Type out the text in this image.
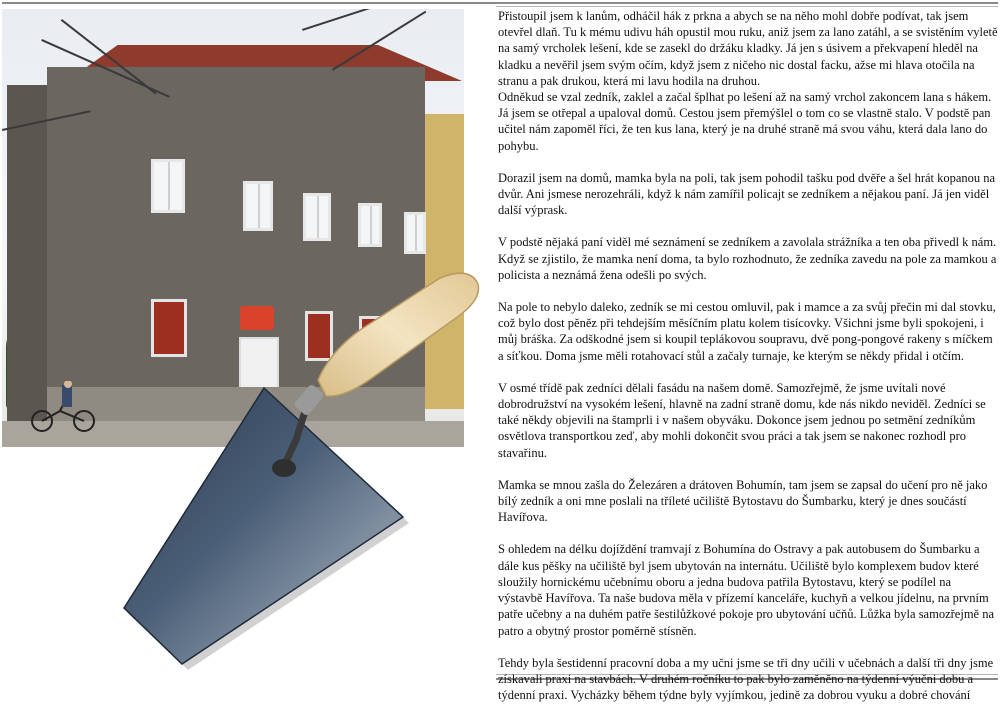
Přistoupil jsem k lanům, odháčil hák z prkna a abych se na něho mohl dobře podívat, tak jsem otevřel dlaň. Tu k mému udivu háh opustil mou ruku, aniž jsem za lano zatáhl, a se svistěním vyletě na samý vrcholek lešení, kde se zasekl do držáku kladky. Já jen s úsivem a překvapení hleděl na kladku a nevěřil jsem svým očím, když jsem z ničeho nic dostal facku, ažse mi hlava otočila na stranu a pak drukou, která mi lavu hodila na druhou.
Odněkud se vzal zedník, zaklel a začal šplhat po lešení až na samý vrchol zakoncem lana s hákem. Já jsem se otřepal a upaloval domů. Cestou jsem přemýšlel o tom co se vlastně stalo. V podstě pan učitel nám zapoměl říci, že ten kus lana, který je na druhé straně má svou váhu, která dala lano do pohybu.

Dorazil jsem na domů, mamka byla na poli, tak jsem pohodil tašku pod dvěře a šel hrát kopanou na dvůr. Ani jsmese nerozehráli, když k nám zamířil policajt se zedníkem a nějakou paní. Já jen viděl další výprask.

V podstě nějaká paní viděl mé seznámení se zedníkem a zavolala strážníka a ten oba přivedl k nám. Když se zjistilo, že mamka není doma, ta bylo rozhodnuto, že zedníka zavedu na pole za mamkou a policista a neznámá žena odešli po svých.

Na pole to nebylo daleko, zedník se mi cestou omluvil, pak i mamce a za svůj přečin mi dal stovku, což bylo dost pěněz při tehdejším měsíčním platu kolem tisícovky. Všichni jsme byli spokojeni, i můj bráška. Za odškodné jsem si koupil teplákovou soupravu, dvě pong-pongové rakeny s míčkem a síťkou. Doma jsme měli rotahovací stůl a začaly turnaje, ke kterým se někdy přidal i otčím.

V osmé třídě pak zedníci dělali fasádu na našem domě. Samozřejmě, že jsme uvítali nové dobrodružství na vysokém lešení, hlavně na zadní straně domu, kde nás nikdo neviděl. Zedníci se také někdy objevili na štamprli i v našem obyváku. Dokonce jsem jednou po setmění zedníkům osvětlova transportkou zeď, aby mohli dokončit svou práci a tak jsem se nakonec rozhodl pro stavařinu.

Mamka se mnou zašla do Železáren a drátoven Bohumín, tam jsem se zapsal do učení pro ně jako bílý zedník a oni mne poslali na tříleté učiliště Bytostavu do Šumbarku, který je dnes součástí Havířova.

S ohledem na délku dojíždění tramvají z Bohumína do Ostravy a pak autobusem do Šumbarku a dále kus pěšky na učiliště byl jsem ubytován na internátu. Učiliště bylo komplexem budov které sloužily hornickému učebnímu oboru a jedna budova patřila Bytostavu, který se podílel na výstavbě Havířova. Ta naše budova měla v přízemí kanceláře, kuchyň a velkou jídelnu, na prvním patře učebny a na duhém patře šestilůžkové pokoje pro ubytování učňů. Lůžka byla samozřejmě na patro a obytný prostor poměrně stísněn.

Tehdy byla šestidenní pracovní doba a my učni jsme se tři dny učili v učebnách a další tři dny jsme získavali praxi na stavbách. V druhém ročníku to pak bylo zaměněno na týdenní výučni dobu a týdenní praxi. Vycházky během týdne byly vyjímkou, jedině za dobrou vyuku a dobré chování
